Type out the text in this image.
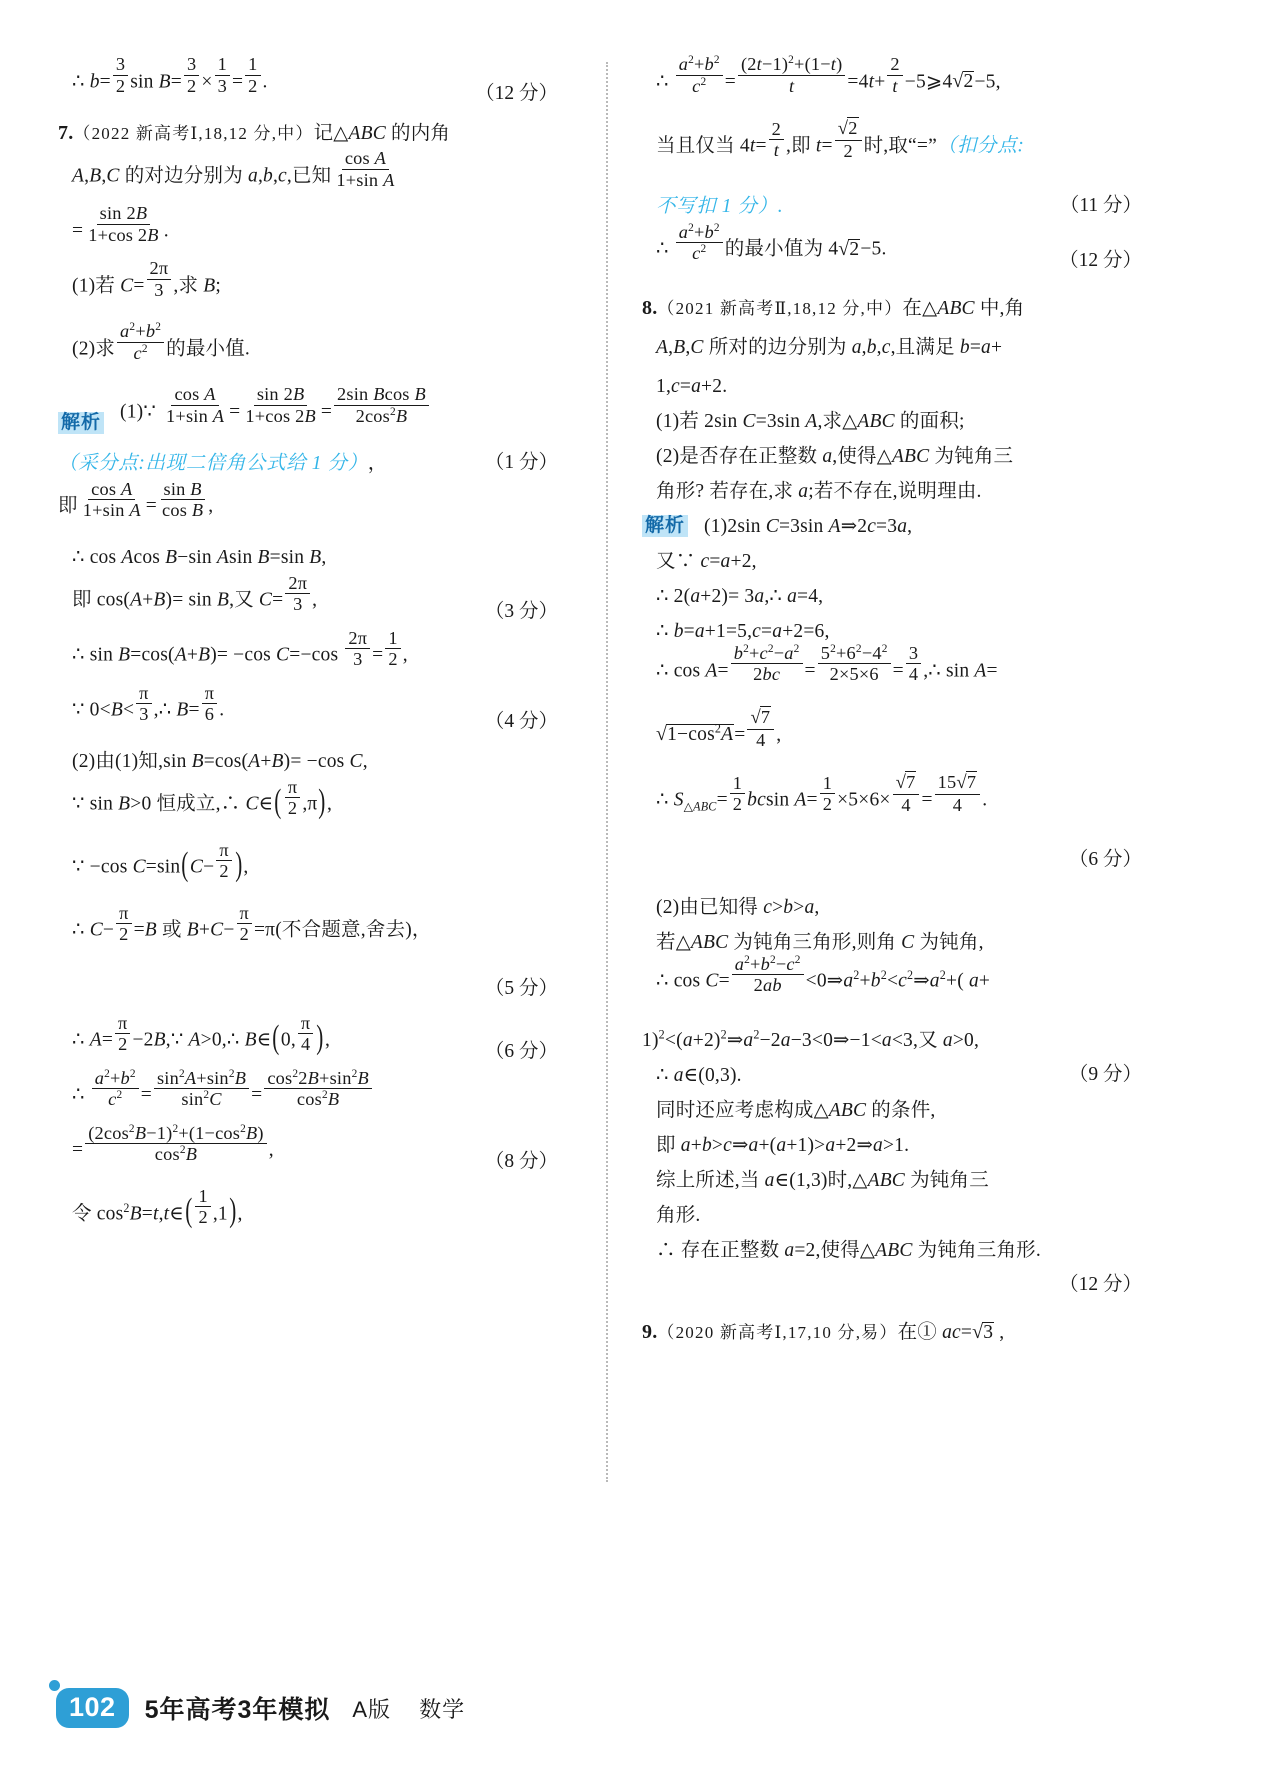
∴ $b= \frac{3}{2}$ $\sin B= \frac{3}{2} \times \frac{1}{3} = \frac{1}{2}$ .
（12 分）
7.（2022 新高考Ⅰ,18,12 分,中）记△ABC 的内角
A,B,C 的对边分别为 a,b,c,已知 $\frac{\text{cos A}}{\text{1+sin A}}$
= $\frac{\sin 2B}{1+\cos 2B}$ .
(1)若 $C= \frac{2\pi}{3}$ ,求 B;
(2)求 $\frac{a^2+b^2}{c^2}$ 的最小值.
解析
(1)∵ $\frac{\text{cos A}}{\text{1+sin A}} = \frac{\sin 2B}{1+\cos 2B} = \frac{\text{2sin Bcos B}}{2\cos^2B}$
（采分点:出现二倍角公式给 1 分） ，	（1 分）
即 $\frac{\text{cos A}}{\text{1+sin A}} = \frac{\text{sin B}}{\text{cos B}}$ ,
∴ cos Acos B−sin Asin B=sin B,
即 cos(A+B)= sin B,又 $C= \frac{2\pi}{3}$ ,
（3 分）
∴ sin B=cos(A+B)= −cos $C=-\cos \frac{2\pi}{3} = \frac{1}{2}$ ,
∵ $0<B< \frac{\pi}{3}$ ,∴ $B= \frac{\pi}{6}$ .
（4 分）
(2)由(1)知,sin B=cos(A+B)= −cos C,
∵ sin B>0 恒成立,∴ C∈( $\frac{\pi}{2} ,\pi$),
∵ −cos $C=\sin(C- \frac{\pi}{2}$ ),
∴ $C- \frac{\pi}{2} =B$ 或 $B+C- \frac{\pi}{2} =\pi$(不合题意,舍去)，
（5 分）
∴ $A= \frac{\pi}{2}$ −2B,∵ A>0,∴ B∈(0, $\frac{\pi}{4}$ ),
（6 分）
∴ $\frac{a^2+b^2}{c^2} = \frac{\sin^2A+\sin^2B}{\sin^2C} = \frac{\cos^22B+\sin^2B}{\cos^2B}$
= $\frac{(2\cos^2B-1)^2+(1-\cos^2B)}{\cos^2B}$ ,
（8 分）
令 $\cos^2B=t,t\in( \frac{1}{2} ,1)$,
∴ $\frac{a^2+b^2}{c^2} = \frac{(2t-1)^2+(1-t)}{t} =4t+ \frac{2}{t}$ −5⩾4√2−5,
当且仅当 $4t= \frac{2}{t}$ ,即 $t= \frac{√2}{2}$ 时,取“=”（扣分点:
不写扣 1 分）.	（11 分）
∴ $\frac{a^2+b^2}{c^2}$ 的最小值为 4√2−5.
（12 分）
8.（2021 新高考Ⅱ,18,12 分,中）在△ABC 中,角
A,B,C 所对的边分别为 a,b,c,且满足 b=a+
1,c=a+2.
(1)若 2sin C=3sin A,求△ABC 的面积;
(2)是否存在正整数 a,使得△ABC 为钝角三
角形? 若存在,求 a;若不存在,说明理由.
解析 (1)2sin C=3sin A⇒2c=3a,
又∵ c=a+2,
∴ 2(a+2)= 3a,∴ a=4,
∴ b=a+1=5,c=a+2=6,
∴ $\cos A= \frac{b^2+c^2-a^2}{2bc} = \frac{5^2+6^2-4^2}{2\times 5\times 6} = \frac{3}{4}$ ,∴ sin A=
$√1-\cos^2A= \frac{√7}{4}$ ,
∴ $S_{\triangle ABC}= \frac{1}{2}$ bcsin $A= \frac{1}{2} \times 5\times 6\times \frac{√7}{4} = \frac{15√7}{4}$ .
（6 分）
(2)由已知得 c>b>a,
若△ABC 为钝角三角形,则角 C 为钝角,
∴ $\cos C= \frac{a^2+b^2-c^2}{2ab}$ $<0\Rightarrow a^2+b^2<c^2\Rightarrow a^2+$( a+
$1)^2<(a+2)^2\Rightarrow a^2-2a-3<0\Rightarrow-1<a<3$,又 a>0,
∴ a∈(0,3).	（9 分）
同时还应考虑构成△ABC 的条件,
即 a+b>c⇒a+(a+1)>a+2⇒a>1.
综上所述,当 a∈(1,3)时,△ABC 为钝角三
角形.
∴ 存在正整数 a=2,使得△ABC 为钝角三角形.
（12 分）
9.（2020 新高考Ⅰ,17,10 分,易）在① ac=√3 ,
102	5年高考3年模拟 A版 数学
